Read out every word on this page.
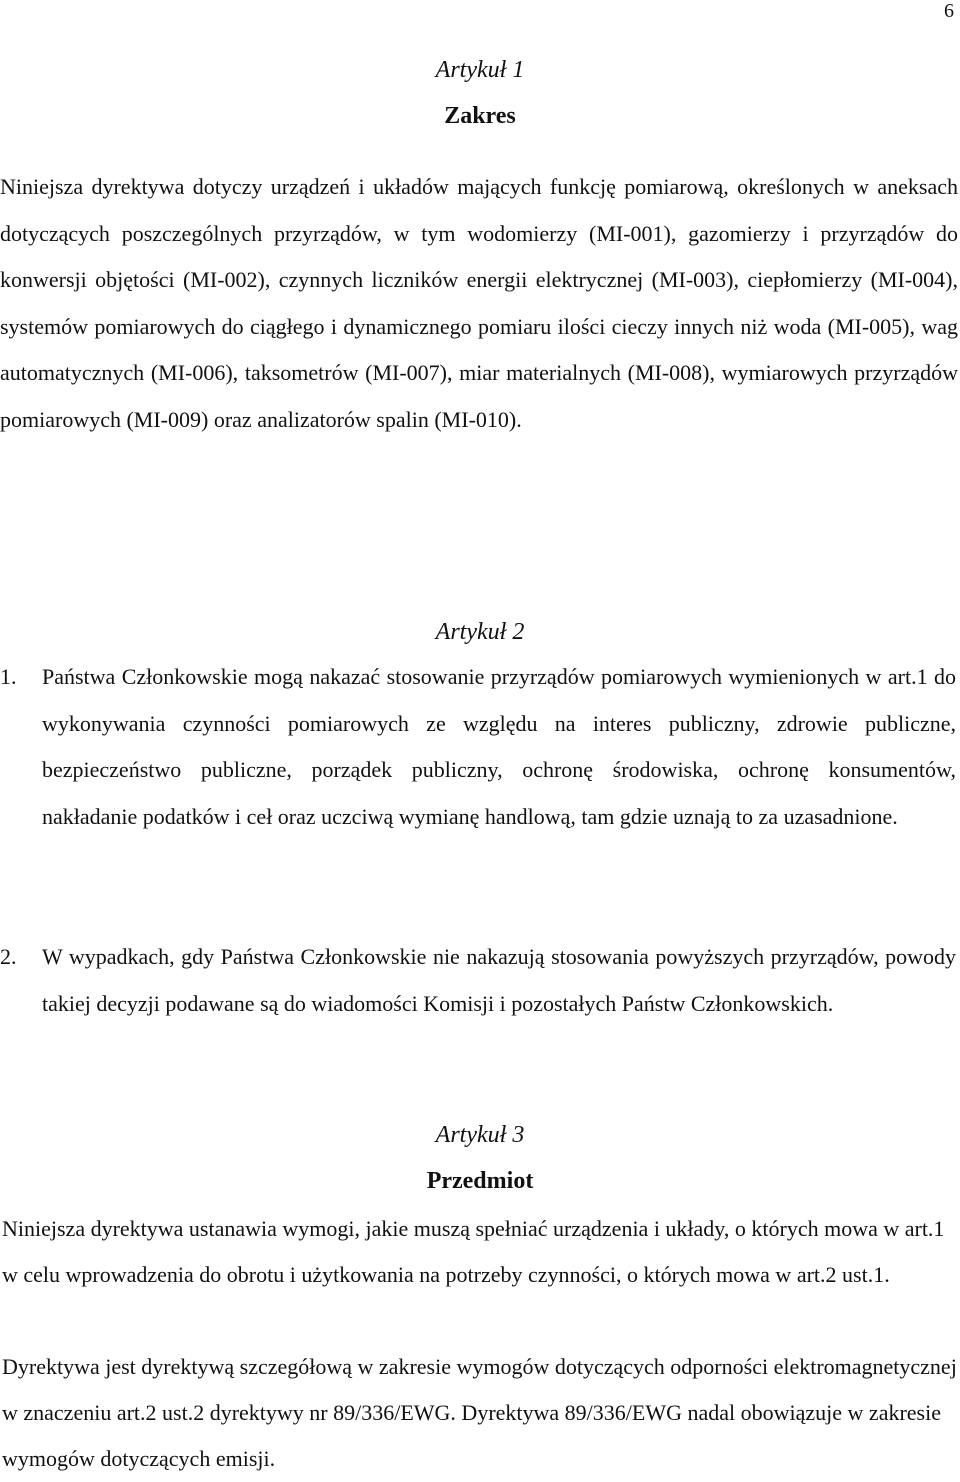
6
Artykuł 1
Zakres

Niniejsza dyrektywa dotyczy urządzeń i układów mających funkcję pomiarową, określonych w aneksach dotyczących poszczególnych przyrządów, w tym wodomierzy (MI-001), gazomierzy i przyrządów do konwersji objętości (MI-002), czynnych liczników energii elektrycznej (MI-003), ciepłomierzy (MI-004), systemów pomiarowych do ciągłego i dynamicznego pomiaru ilości cieczy innych niż woda (MI-005), wag automatycznych (MI-006), taksometrów (MI-007), miar materialnych (MI-008), wymiarowych przyrządów pomiarowych (MI-009) oraz analizatorów spalin (MI-010).

Artykuł 2

1. Państwa Członkowskie mogą nakazać stosowanie przyrządów pomiarowych wymienionych w art.1 do wykonywania czynności pomiarowych ze względu na interes publiczny, zdrowie publiczne, bezpieczeństwo publiczne, porządek publiczny, ochronę środowiska, ochronę konsumentów, nakładanie podatków i ceł oraz uczciwą wymianę handlową, tam gdzie uznają to za uzasadnione.

2. W wypadkach, gdy Państwa Członkowskie nie nakazują stosowania powyższych przyrządów, powody takiej decyzji podawane są do wiadomości Komisji i pozostałych Państw Członkowskich.

Artykuł 3
Przedmiot

Niniejsza dyrektywa ustanawia wymogi, jakie muszą spełniać urządzenia i układy, o których mowa w art.1 w celu wprowadzenia do obrotu i użytkowania na potrzeby czynności, o których mowa w art.2 ust.1.

Dyrektywa jest dyrektywą szczegółową w zakresie wymogów dotyczących odporności elektromagnetycznej w znaczeniu art.2 ust.2 dyrektywy nr 89/336/EWG. Dyrektywa 89/336/EWG nadal obowiązuje w zakresie wymogów dotyczących emisji.
